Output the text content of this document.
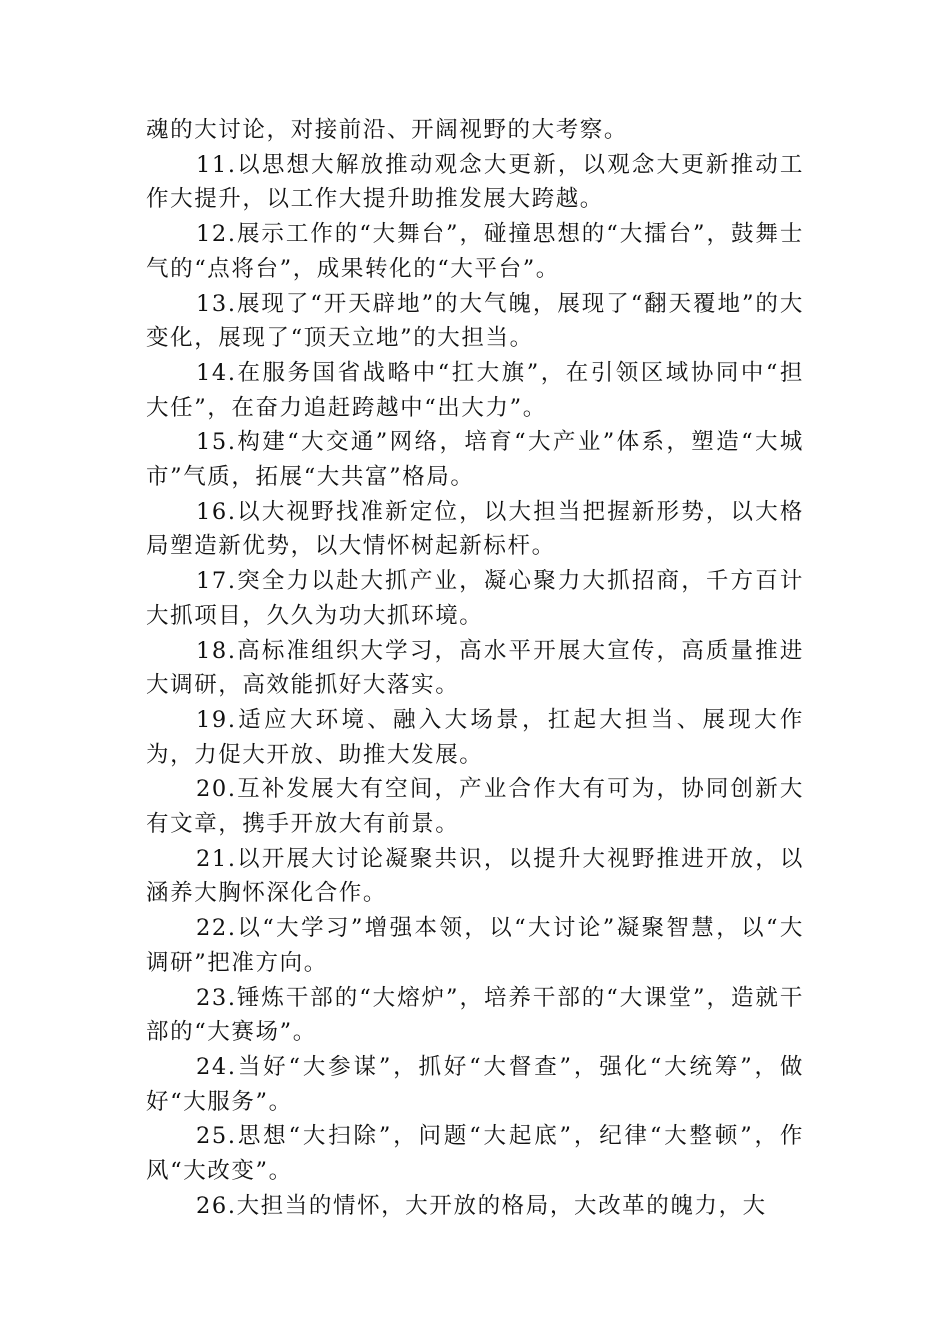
魂的大讨论，对接前沿、开阔视野的大考察。

11.以思想大解放推动观念大更新，以观念大更新推动工作大提升，以工作大提升助推发展大跨越。

12.展示工作的“大舞台”，碰撞思想的“大擂台”，鼓舞士气的“点将台”，成果转化的“大平台”。

13.展现了“开天辟地”的大气魄，展现了“翻天覆地”的大变化，展现了“顶天立地”的大担当。

14.在服务国省战略中“扛大旗”，在引领区域协同中“担大任”，在奋力追赶跨越中“出大力”。

15.构建“大交通”网络，培育“大产业”体系，塑造“大城市”气质，拓展“大共富”格局。

16.以大视野找准新定位，以大担当把握新形势，以大格局塑造新优势，以大情怀树起新标杆。

17.突全力以赴大抓产业，凝心聚力大抓招商，千方百计大抓项目，久久为功大抓环境。

18.高标准组织大学习，高水平开展大宣传，高质量推进大调研，高效能抓好大落实。

19.适应大环境、融入大场景，扛起大担当、展现大作为，力促大开放、助推大发展。

20.互补发展大有空间，产业合作大有可为，协同创新大有文章，携手开放大有前景。

21.以开展大讨论凝聚共识，以提升大视野推进开放，以涵养大胸怀深化合作。

22.以“大学习”增强本领，以“大讨论”凝聚智慧，以“大调研”把准方向。

23.锤炼干部的“大熔炉”，培养干部的“大课堂”，造就干部的“大赛场”。

24.当好“大参谋”，抓好“大督查”，强化“大统筹”，做好“大服务”。

25.思想“大扫除”，问题“大起底”，纪律“大整顿”，作风“大改变”。

26.大担当的情怀，大开放的格局，大改革的魄力，大
